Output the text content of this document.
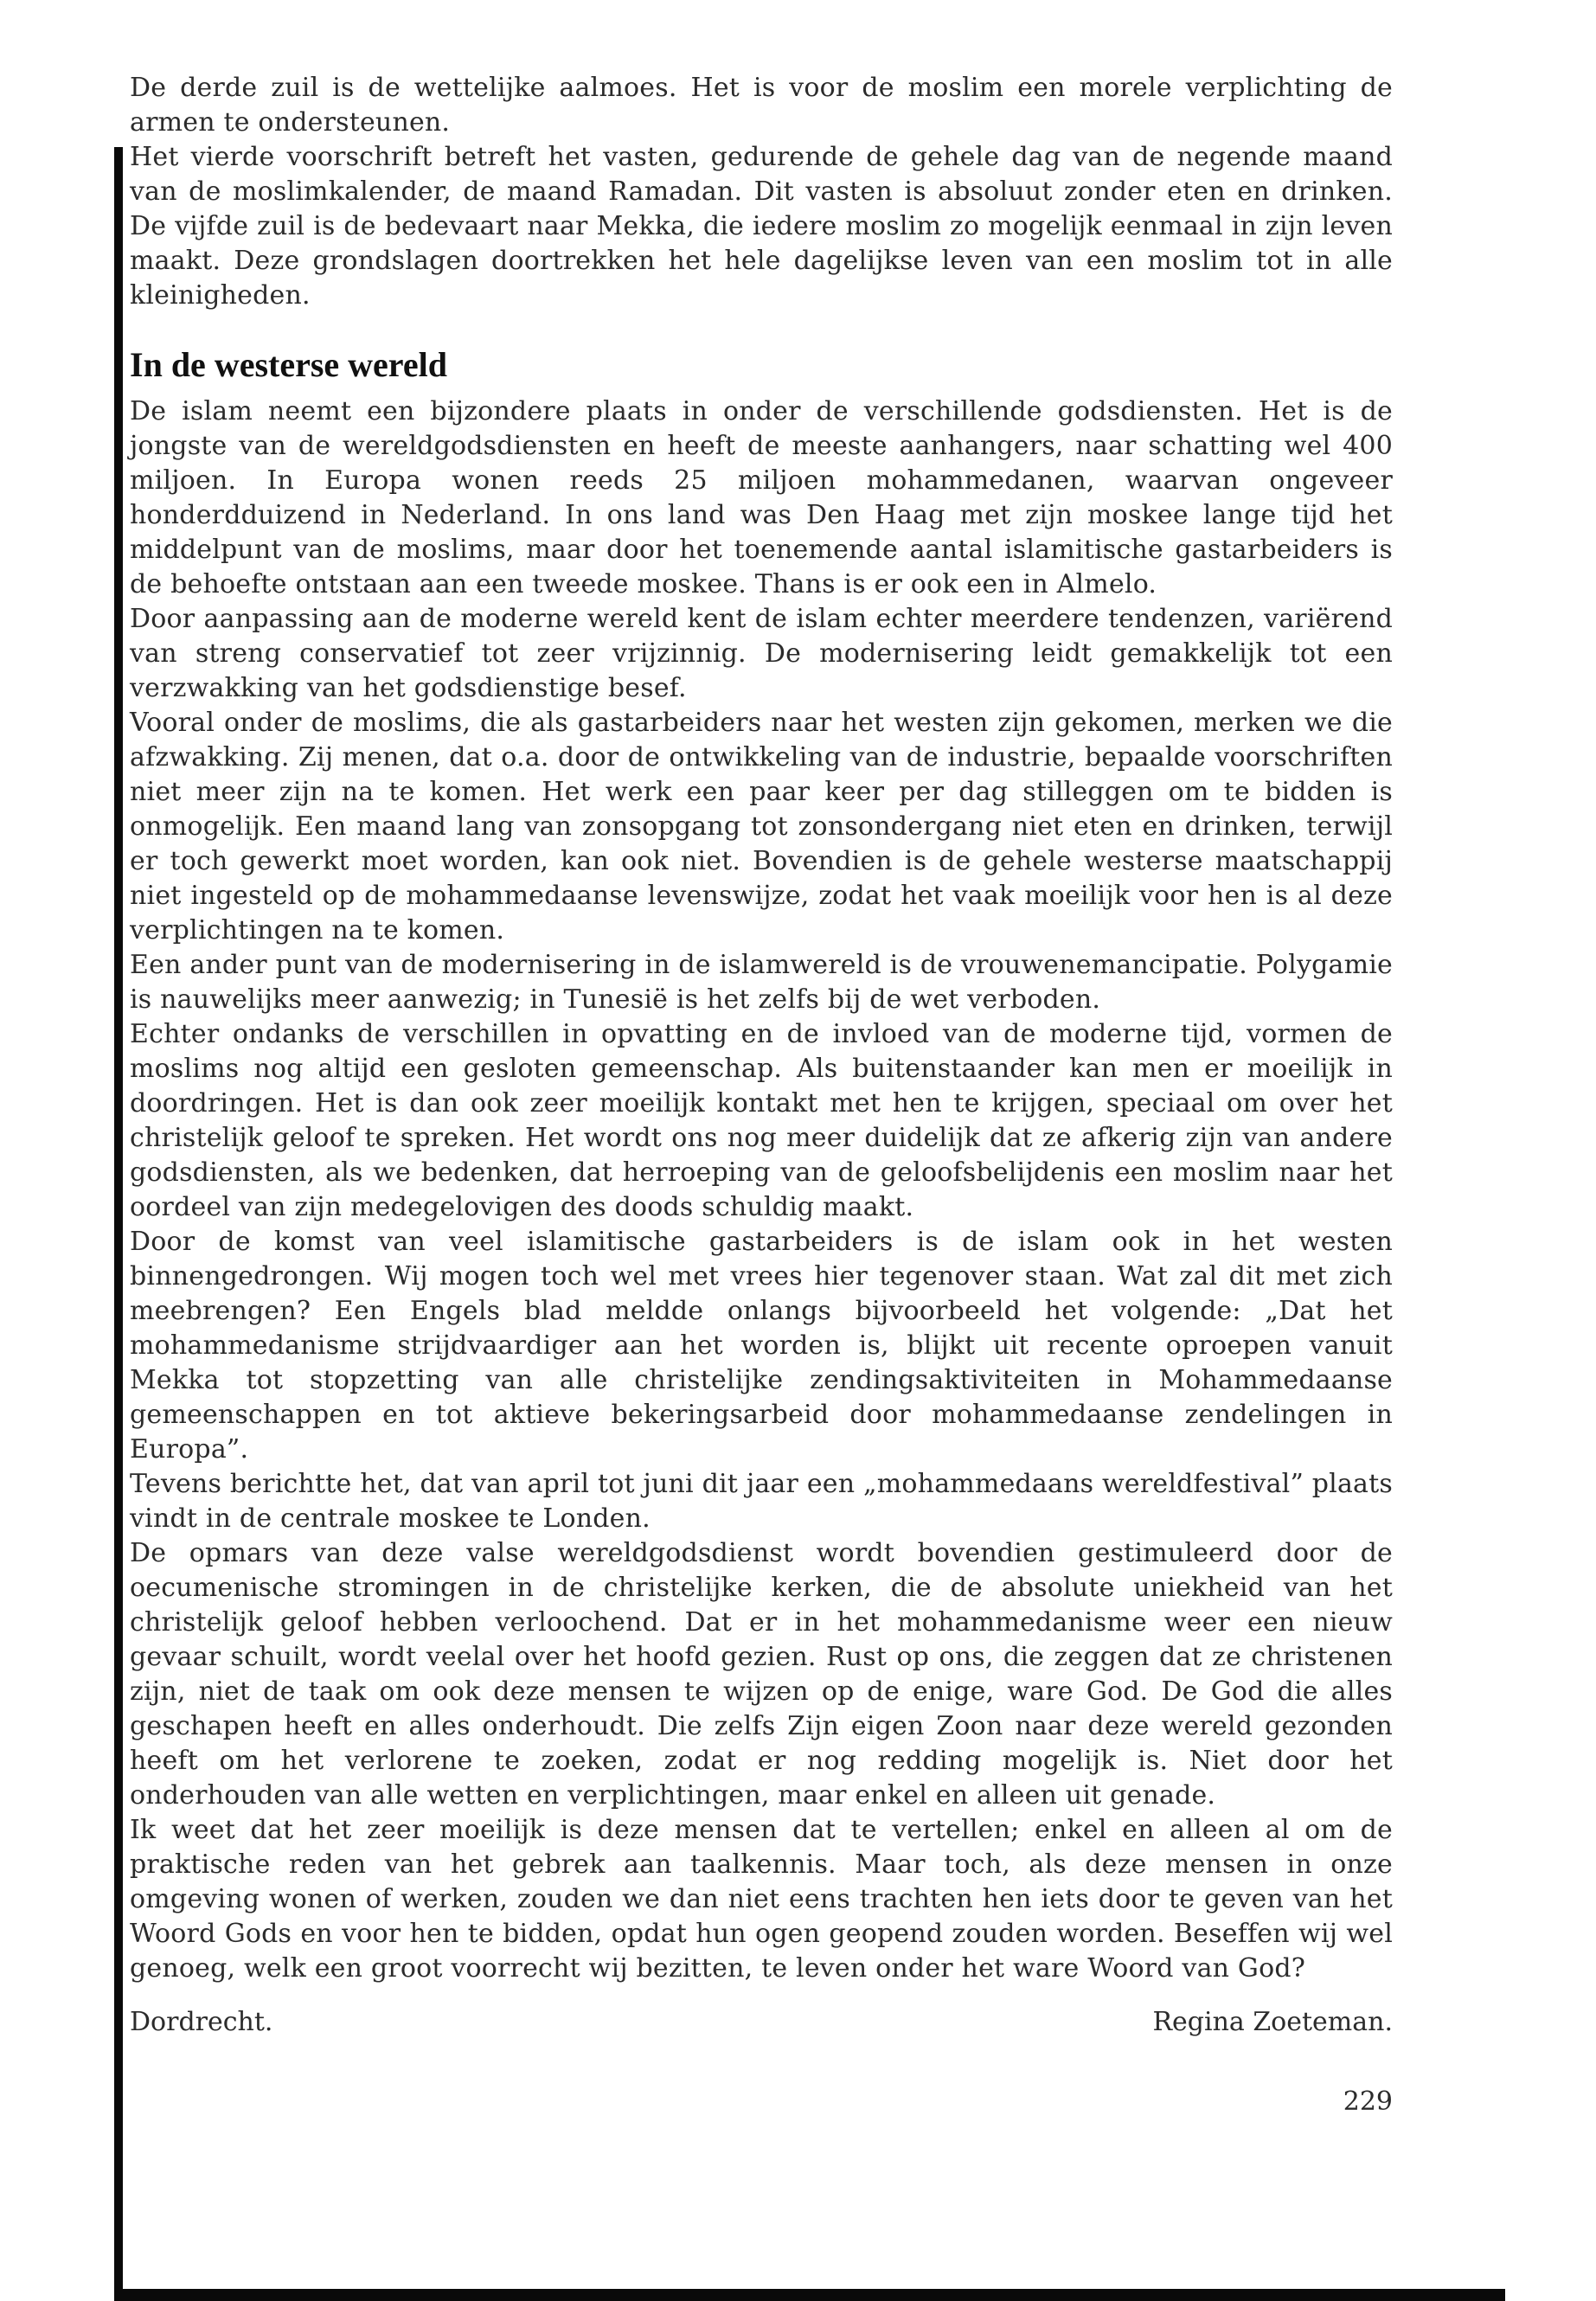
De derde zuil is de wettelijke aalmoes. Het is voor de moslim een morele verplichting de armen te ondersteunen.

Het vierde voorschrift betreft het vasten, gedurende de gehele dag van de negende maand van de moslimkalender, de maand Ramadan. Dit vasten is absoluut zonder eten en drinken. De vijfde zuil is de bedevaart naar Mekka, die iedere moslim zo mogelijk eenmaal in zijn leven maakt. Deze grondslagen doortrekken het hele dagelijkse leven van een moslim tot in alle kleinigheden.

In de westerse wereld

De islam neemt een bijzondere plaats in onder de verschillende godsdiensten. Het is de jongste van de wereldgodsdiensten en heeft de meeste aanhangers, naar schatting wel 400 miljoen. In Europa wonen reeds 25 miljoen mohammedanen, waarvan ongeveer honderdduizend in Nederland. In ons land was Den Haag met zijn moskee lange tijd het middelpunt van de moslims, maar door het toenemende aantal islamitische gastarbeiders is de behoefte ontstaan aan een tweede moskee. Thans is er ook een in Almelo.

Door aanpassing aan de moderne wereld kent de islam echter meerdere tendenzen, variërend van streng conservatief tot zeer vrijzinnig. De modernisering leidt gemakkelijk tot een verzwakking van het godsdienstige besef.

Vooral onder de moslims, die als gastarbeiders naar het westen zijn gekomen, merken we die afzwakking. Zij menen, dat o.a. door de ontwikkeling van de industrie, bepaalde voorschriften niet meer zijn na te komen. Het werk een paar keer per dag stilleggen om te bidden is onmogelijk. Een maand lang van zonsopgang tot zonsondergang niet eten en drinken, terwijl er toch gewerkt moet worden, kan ook niet. Bovendien is de gehele westerse maatschappij niet ingesteld op de mohammedaanse levenswijze, zodat het vaak moeilijk voor hen is al deze verplichtingen na te komen.

Een ander punt van de modernisering in de islamwereld is de vrouwenemancipatie. Polygamie is nauwelijks meer aanwezig; in Tunesië is het zelfs bij de wet verboden.

Echter ondanks de verschillen in opvatting en de invloed van de moderne tijd, vormen de moslims nog altijd een gesloten gemeenschap. Als buitenstaander kan men er moeilijk in doordringen. Het is dan ook zeer moeilijk kontakt met hen te krijgen, speciaal om over het christelijk geloof te spreken. Het wordt ons nog meer duidelijk dat ze afkerig zijn van andere godsdiensten, als we bedenken, dat herroeping van de geloofsbelijdenis een moslim naar het oordeel van zijn medegelovigen des doods schuldig maakt.

Door de komst van veel islamitische gastarbeiders is de islam ook in het westen binnengedrongen. Wij mogen toch wel met vrees hier tegenover staan. Wat zal dit met zich meebrengen? Een Engels blad meldde onlangs bijvoorbeeld het volgende: „Dat het mohammedanisme strijdvaardiger aan het worden is, blijkt uit recente oproepen vanuit Mekka tot stopzetting van alle christelijke zendingsaktiviteiten in Mohammedaanse gemeenschappen en tot aktieve bekeringsarbeid door mohammedaanse zendelingen in Europa”.

Tevens berichtte het, dat van april tot juni dit jaar een „mohammedaans wereldfestival” plaats vindt in de centrale moskee te Londen.

De opmars van deze valse wereldgodsdienst wordt bovendien gestimuleerd door de oecumenische stromingen in de christelijke kerken, die de absolute uniekheid van het christelijk geloof hebben verloochend. Dat er in het mohammedanisme weer een nieuw gevaar schuilt, wordt veelal over het hoofd gezien. Rust op ons, die zeggen dat ze christenen zijn, niet de taak om ook deze mensen te wijzen op de enige, ware God. De God die alles geschapen heeft en alles onderhoudt. Die zelfs Zijn eigen Zoon naar deze wereld gezonden heeft om het verlorene te zoeken, zodat er nog redding mogelijk is. Niet door het onderhouden van alle wetten en verplichtingen, maar enkel en alleen uit genade.

Ik weet dat het zeer moeilijk is deze mensen dat te vertellen; enkel en alleen al om de praktische reden van het gebrek aan taalkennis. Maar toch, als deze mensen in onze omgeving wonen of werken, zouden we dan niet eens trachten hen iets door te geven van het Woord Gods en voor hen te bidden, opdat hun ogen geopend zouden worden. Beseffen wij wel genoeg, welk een groot voorrecht wij bezitten, te leven onder het ware Woord van God?

Dordrecht.	Regina Zoeteman.
229
